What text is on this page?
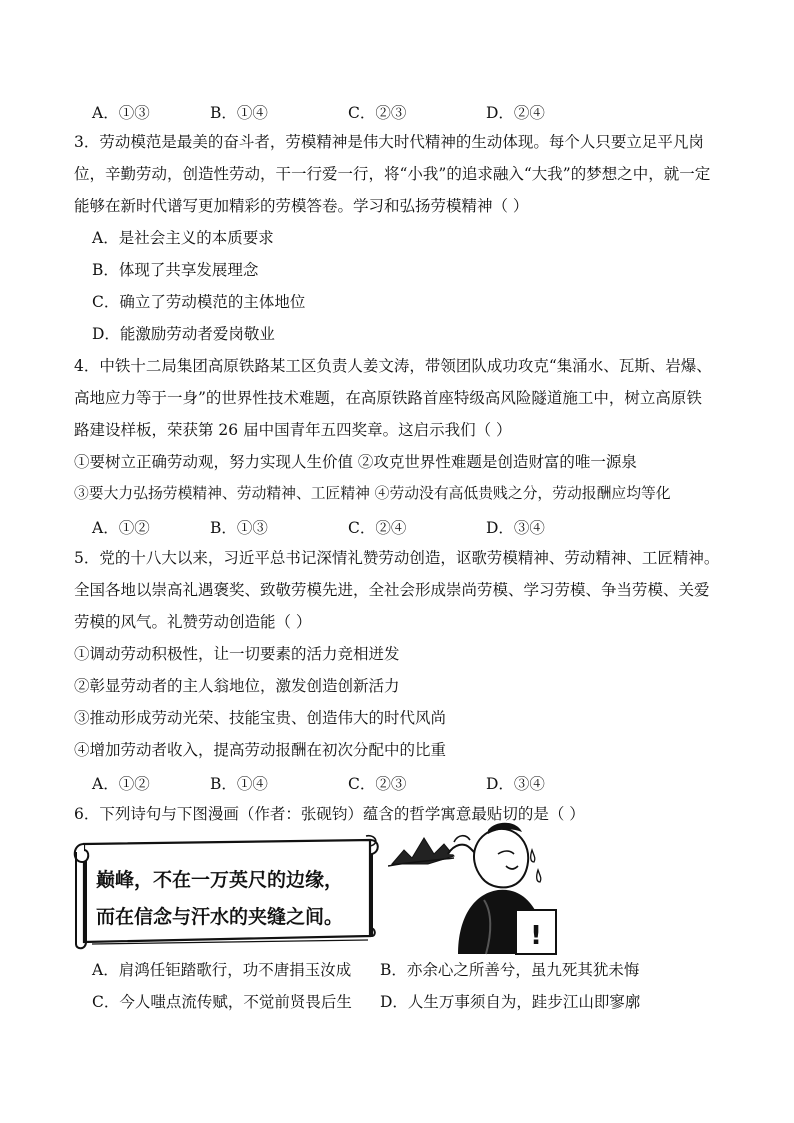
A．①③	B．①④	C．②③	D．②④
3．劳动模范是最美的奋斗者，劳模精神是伟大时代精神的生动体现。每个人只要立足平凡岗
位，辛勤劳动，创造性劳动，干一行爱一行，将“小我”的追求融入“大我”的梦想之中，就一定
能够在新时代谱写更加精彩的劳模答卷。学习和弘扬劳模精神（ ）
A．是社会主义的本质要求
B．体现了共享发展理念
C．确立了劳动模范的主体地位
D．能激励劳动者爱岗敬业
4．中铁十二局集团高原铁路某工区负责人姜文涛，带领团队成功攻克“集涌水、瓦斯、岩爆、
高地应力等于一身”的世界性技术难题，在高原铁路首座特级高风险隧道施工中，树立高原铁
路建设样板，荣获第 26 届中国青年五四奖章。这启示我们（ ）
①要树立正确劳动观，努力实现人生价值 ②攻克世界性难题是创造财富的唯一源泉
③要大力弘扬劳模精神、劳动精神、工匠精神 ④劳动没有高低贵贱之分，劳动报酬应均等化
A．①②	B．①③	C．②④	D．③④
5．党的十八大以来，习近平总书记深情礼赞劳动创造，讴歌劳模精神、劳动精神、工匠精神。
全国各地以崇高礼遇褒奖、致敬劳模先进，全社会形成崇尚劳模、学习劳模、争当劳模、关爱
劳模的风气。礼赞劳动创造能（ ）
①调动劳动积极性，让一切要素的活力竞相迸发
②彰显劳动者的主人翁地位，激发创造创新活力
③推动形成劳动光荣、技能宝贵、创造伟大的时代风尚
④增加劳动者收入，提高劳动报酬在初次分配中的比重
A．①②	B．①④	C．②③	D．③④
6．下列诗句与下图漫画（作者：张砚钧）蕴含的哲学寓意最贴切的是（ ）
巅峰，不在一万英尺的边缘，
而在信念与汗水的夹缝之间。
!
A．肩鸿任钜踏歌行，功不唐捐玉汝成 B．亦余心之所善兮，虽九死其犹未悔
C．今人嗤点流传赋，不觉前贤畏后生 D．人生万事须自为，跬步江山即寥廓
